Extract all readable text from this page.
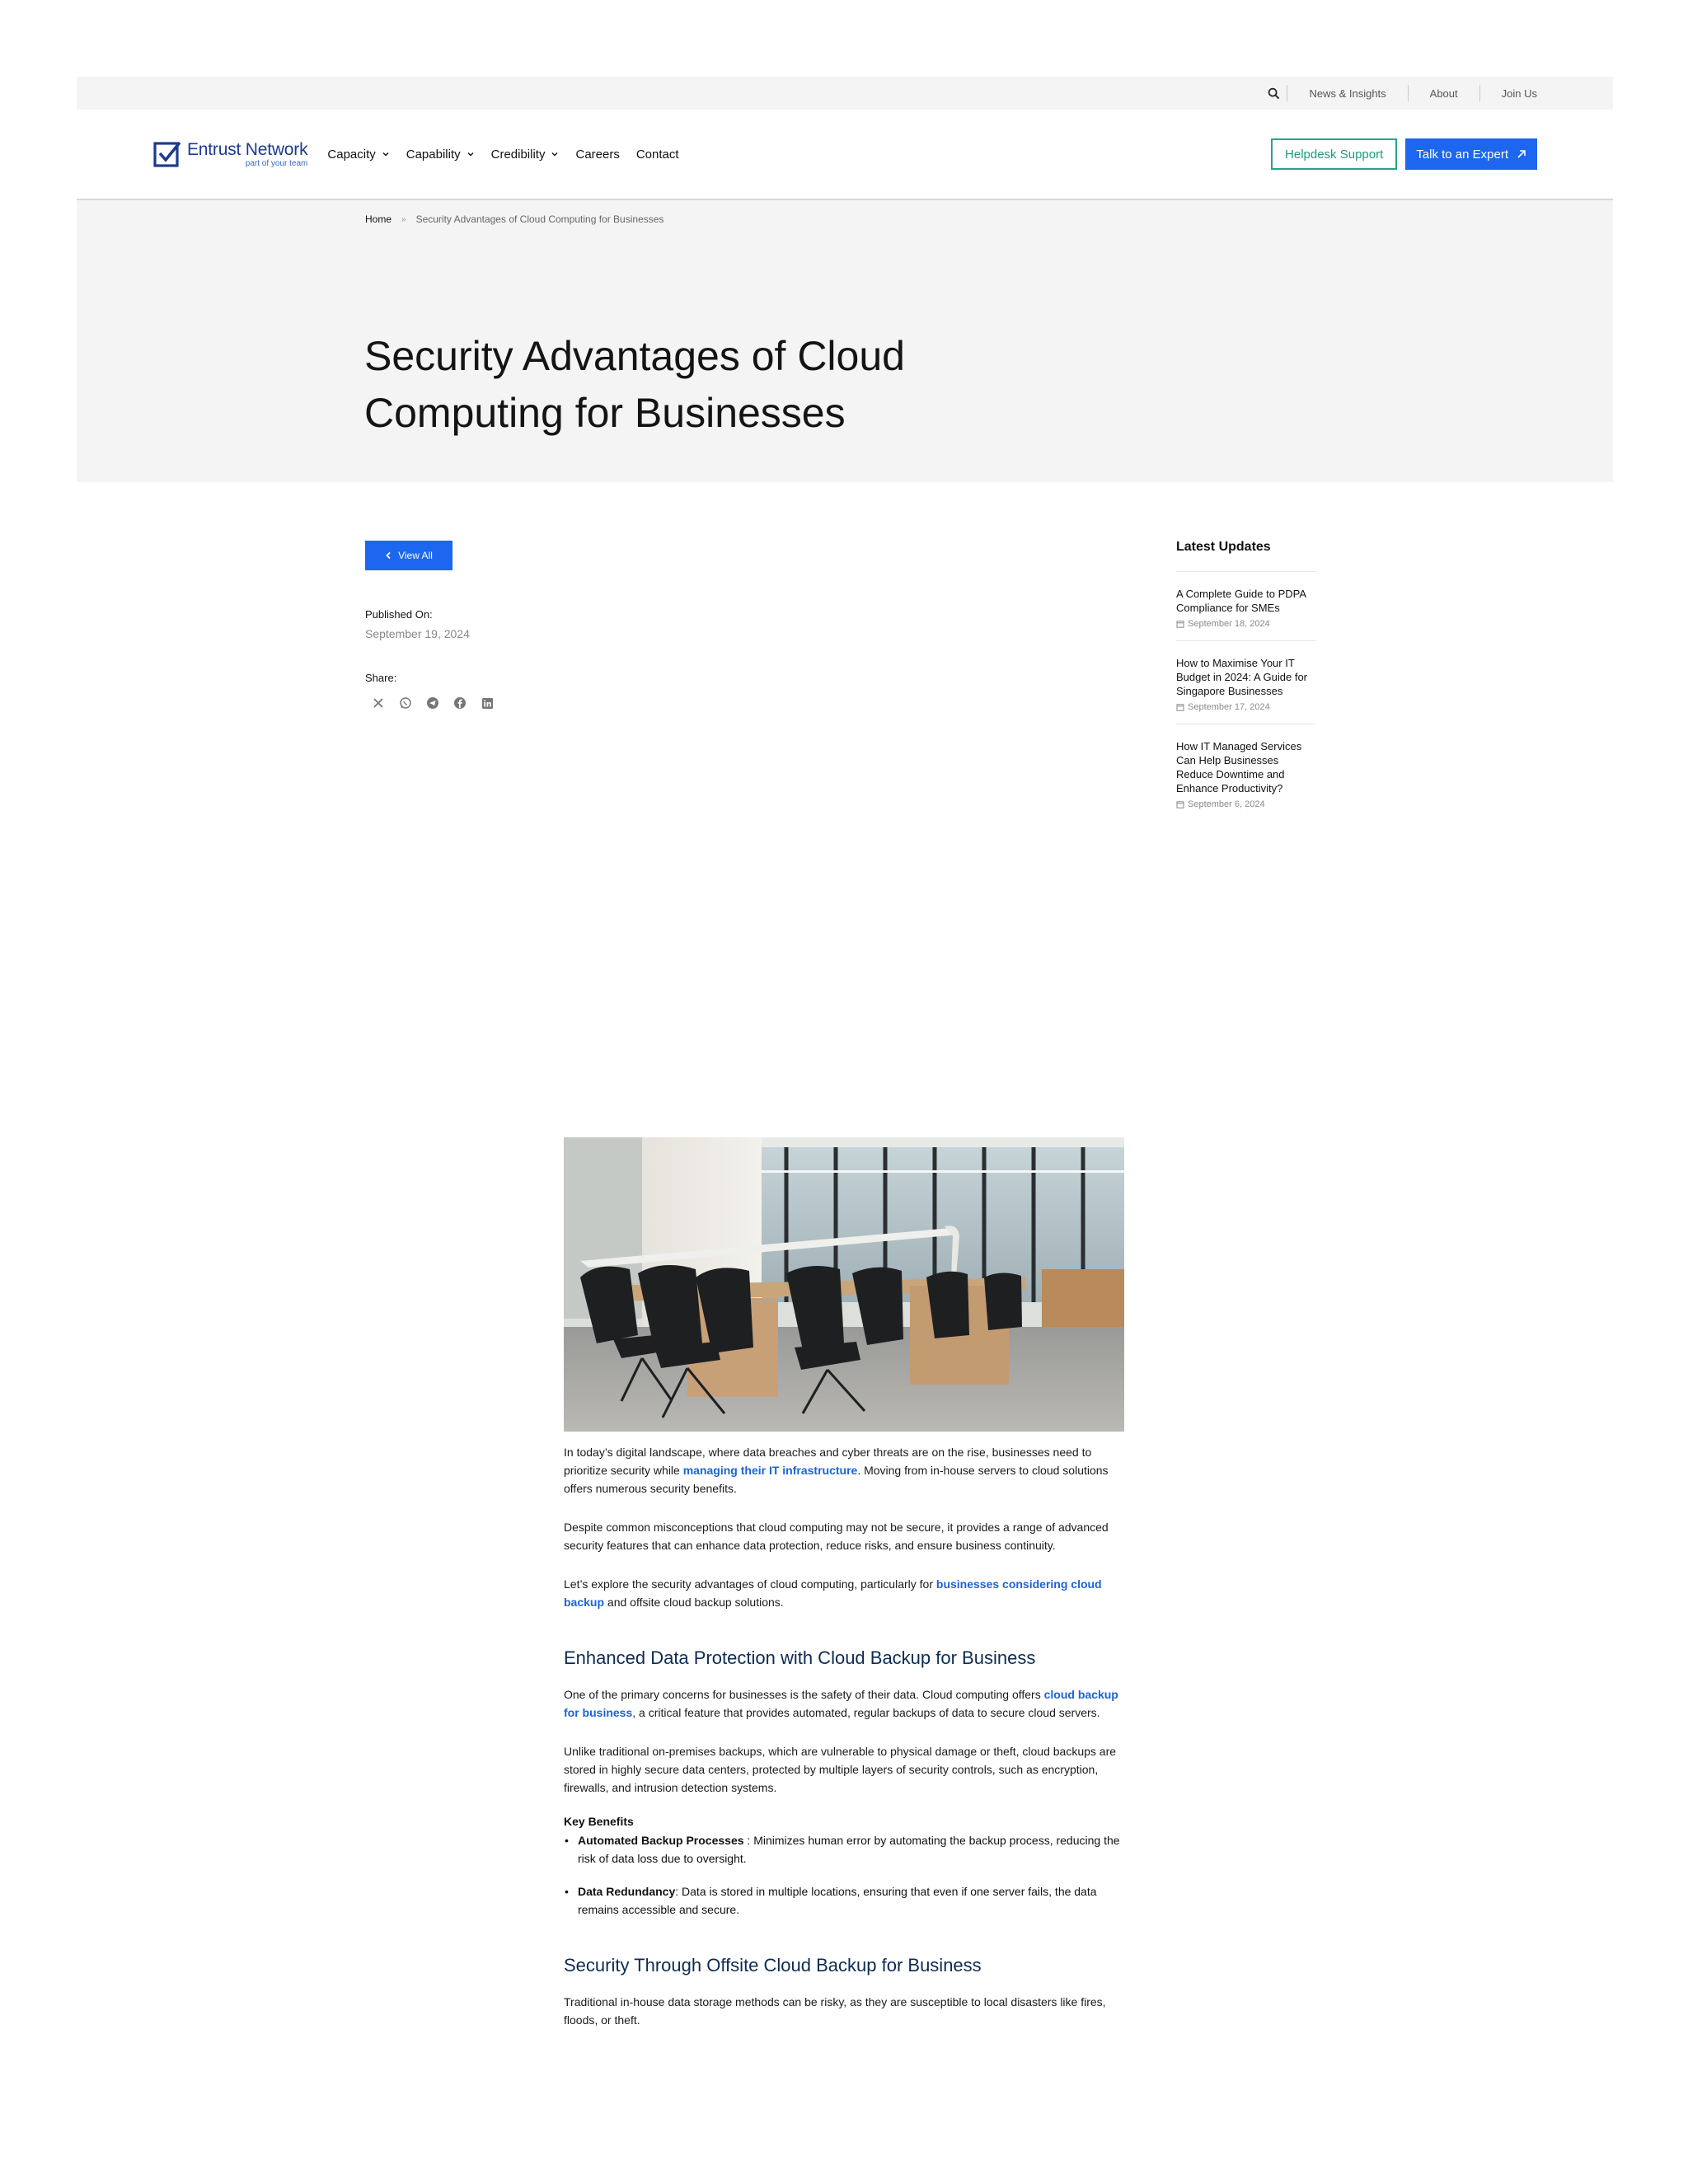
News & Insights	About	Join Us
Entrust Network
part of your team
Capacity Capability Credibility Careers Contact	Helpdesk Support	Talk to an Expert
Home » Security Advantages of Cloud Computing for Businesses
Security Advantages of Cloud Computing for Businesses
View All
Published On:
September 19, 2024
Share:
Latest Updates
A Complete Guide to PDPA Compliance for SMEs
September 18, 2024
How to Maximise Your IT Budget in 2024: A Guide for Singapore Businesses
September 17, 2024
How IT Managed Services Can Help Businesses Reduce Downtime and Enhance Productivity?
September 6, 2024

In today’s digital landscape, where data breaches and cyber threats are on the rise, businesses need to prioritize security while managing their IT infrastructure. Moving from in-house servers to cloud solutions offers numerous security benefits.

Despite common misconceptions that cloud computing may not be secure, it provides a range of advanced security features that can enhance data protection, reduce risks, and ensure business continuity.

Let’s explore the security advantages of cloud computing, particularly for businesses considering cloud backup and offsite cloud backup solutions.

Enhanced Data Protection with Cloud Backup for Business

One of the primary concerns for businesses is the safety of their data. Cloud computing offers cloud backup for business, a critical feature that provides automated, regular backups of data to secure cloud servers.

Unlike traditional on-premises backups, which are vulnerable to physical damage or theft, cloud backups are stored in highly secure data centers, protected by multiple layers of security controls, such as encryption, firewalls, and intrusion detection systems.

Key Benefits
• Automated Backup Processes : Minimizes human error by automating the backup process, reducing the risk of data loss due to oversight.
• Data Redundancy: Data is stored in multiple locations, ensuring that even if one server fails, the data remains accessible and secure.
Security Through Offsite Cloud Backup for Business

Traditional in-house data storage methods can be risky, as they are susceptible to local disasters like fires, floods, or theft.
